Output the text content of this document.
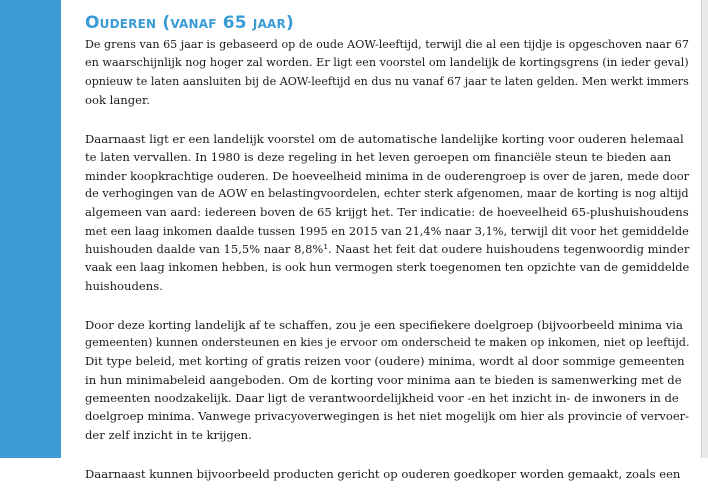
Ouderen (vanaf 65 jaar)

De grens van 65 jaar is gebaseerd op de oude AOW-leeftijd, terwijl die al een tijdje is opgeschoven naar 67
en waarschijnlijk nog hoger zal worden. Er ligt een voorstel om landelijk de kortingsgrens (in ieder geval)
opnieuw te laten aansluiten bij de AOW-leeftijd en dus nu vanaf 67 jaar te laten gelden. Men werkt immers
ook langer.

Daarnaast ligt er een landelijk voorstel om de automatische landelijke korting voor ouderen helemaal
te laten vervallen. In 1980 is deze regeling in het leven geroepen om financiële steun te bieden aan
minder koopkrachtige ouderen. De hoeveelheid minima in de ouderengroep is over de jaren, mede door
de verhogingen van de AOW en belastingvoordelen, echter sterk afgenomen, maar de korting is nog altijd
algemeen van aard: iedereen boven de 65 krijgt het. Ter indicatie: de hoeveelheid 65-plushuishoudens
met een laag inkomen daalde tussen 1995 en 2015 van 21,4% naar 3,1%, terwijl dit voor het gemiddelde
huishouden daalde van 15,5% naar 8,8%¹. Naast het feit dat oudere huishoudens tegenwoordig minder
vaak een laag inkomen hebben, is ook hun vermogen sterk toegenomen ten opzichte van de gemiddelde
huishoudens.

Door deze korting landelijk af te schaffen, zou je een specifiekere doelgroep (bijvoorbeeld minima via
gemeenten) kunnen ondersteunen en kies je ervoor om onderscheid te maken op inkomen, niet op leeftijd.
Dit type beleid, met korting of gratis reizen voor (oudere) minima, wordt al door sommige gemeenten
in hun minimabeleid aangeboden. Om de korting voor minima aan te bieden is samenwerking met de
gemeenten noodzakelijk. Daar ligt de verantwoordelijkheid voor -en het inzicht in- de inwoners in de
doelgroep minima. Vanwege privacyoverwegingen is het niet mogelijk om hier als provincie of vervoer-
der zelf inzicht in te krijgen.

Daarnaast kunnen bijvoorbeeld producten gericht op ouderen goedkoper worden gemaakt, zoals een
